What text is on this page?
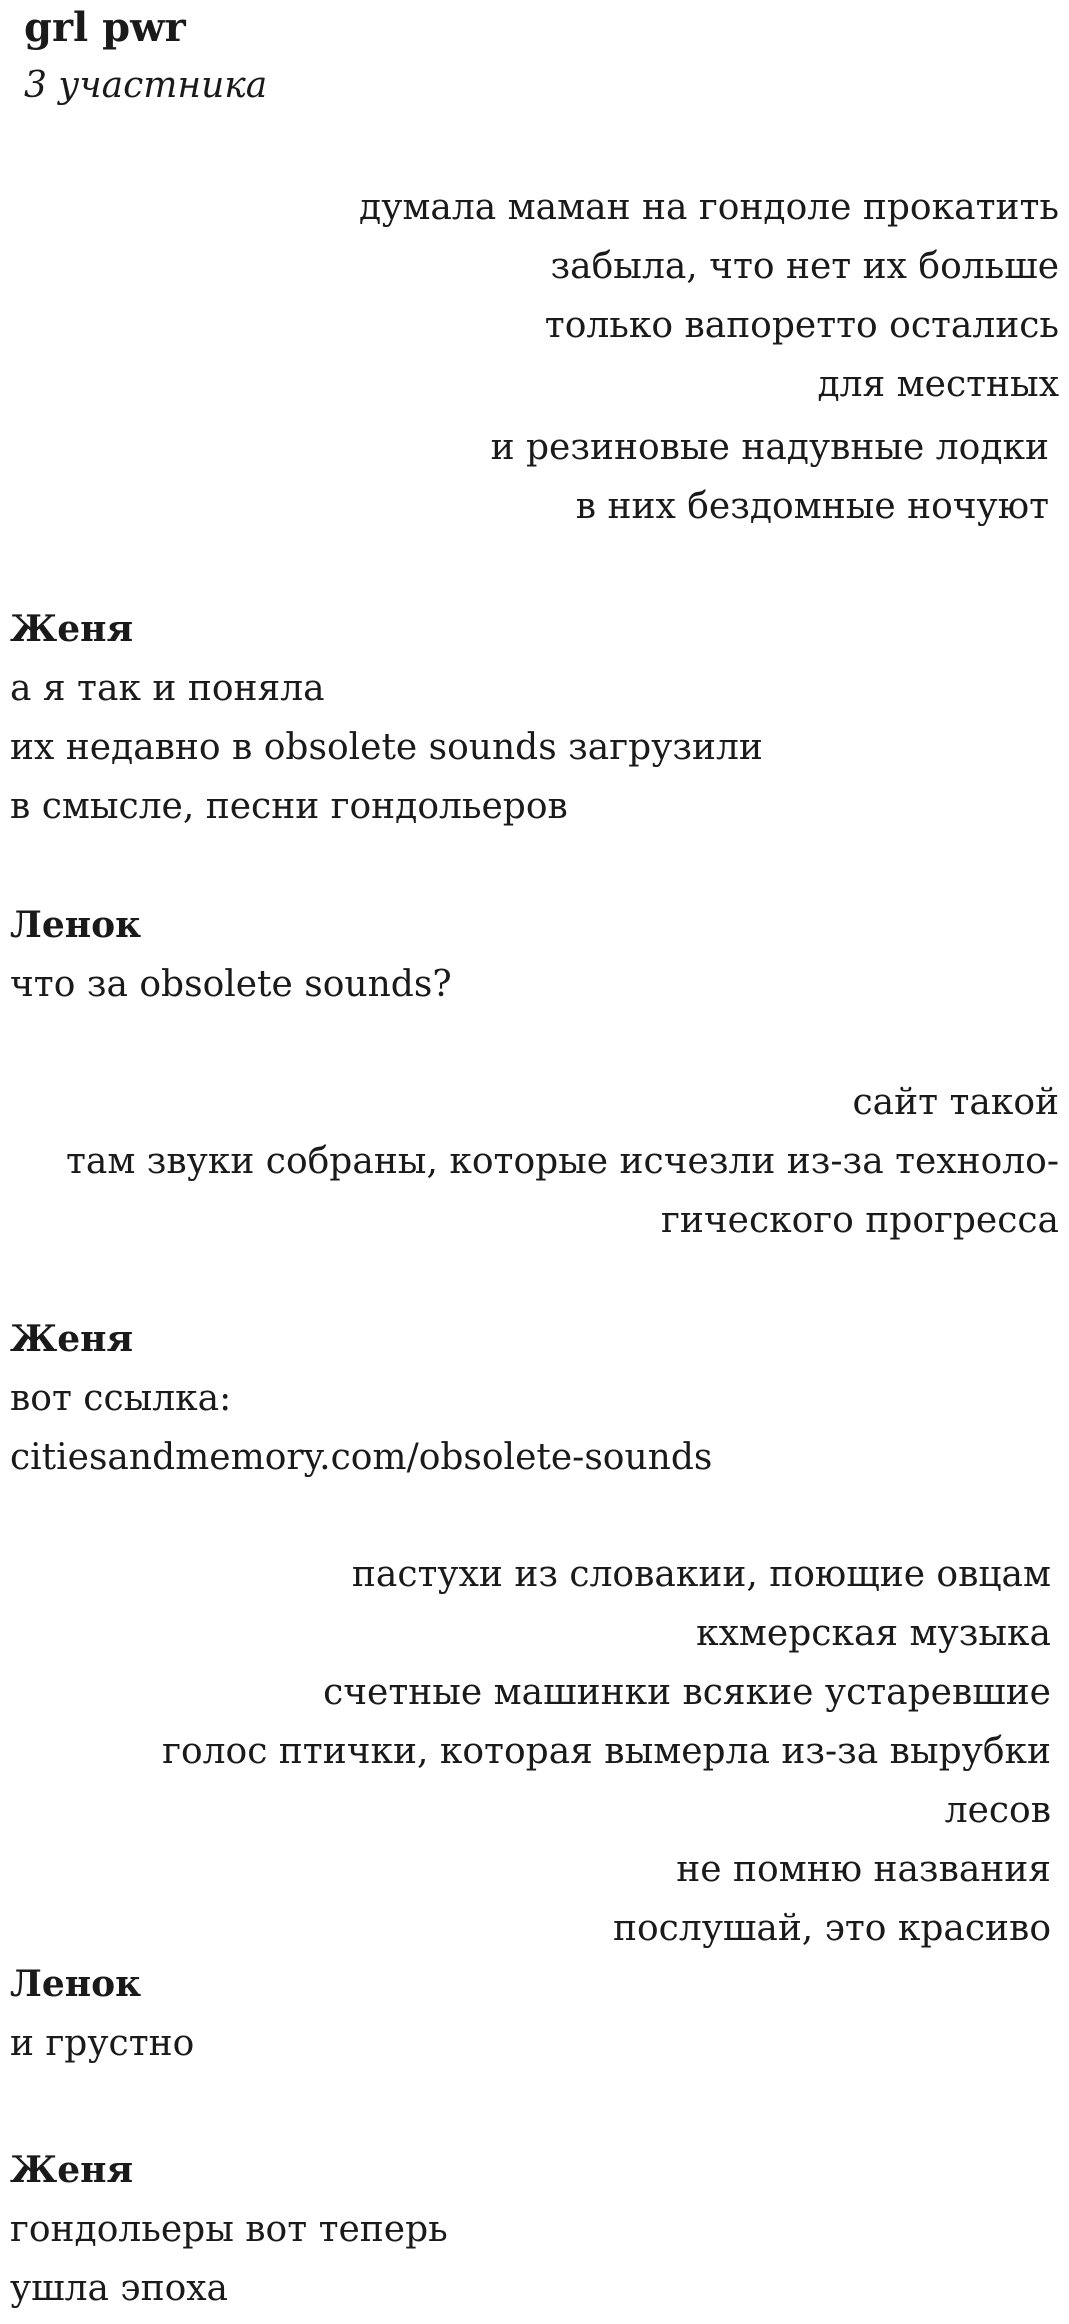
grl pwr
3 участника
думала маман на гондоле прокатить
забыла, что нет их больше
только вапоретто остались
для местных
и резиновые надувные лодки
в них бездомные ночуют
Женя
а я так и поняла
их недавно в obsolete sounds загрузили
в смысле, песни гондольеров
Ленок
что за obsolete sounds?
сайт такой
там звуки собраны, которые исчезли из-за техноло-
гического прогресса
Женя
вот ссылка:
citiesandmemory.com/obsolete-sounds
пастухи из словакии, поющие овцам
кхмерская музыка
счетные машинки всякие устаревшие
голос птички, которая вымерла из-за вырубки
лесов
не помню названия
послушай, это красиво
Ленок
и грустно
Женя
гондольеры вот теперь
ушла эпоха
